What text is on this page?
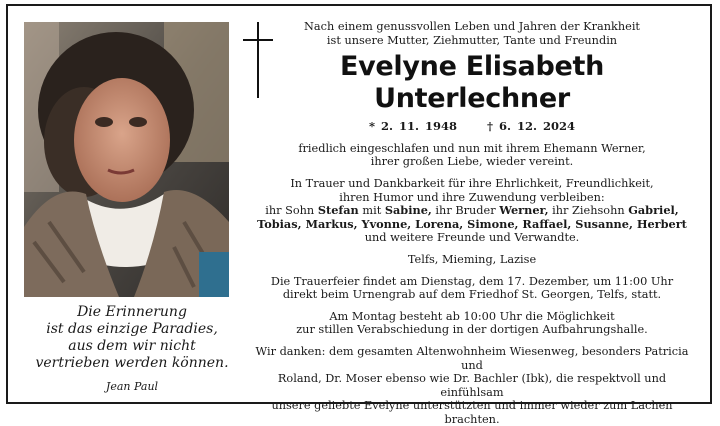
Die Erinnerung
ist das einzige Paradies,
aus dem wir nicht
vertrieben werden können.
Jean Paul

Nach einem genussvollen Leben und Jahren der Krankheit

ist unsere Mutter, Ziehmutter, Tante und Freundin

Evelyne Elisabeth

Unterlechner

* 2. 11. 1948	† 6. 12. 2024

friedlich eingeschlafen und nun mit ihrem Ehemann Werner,

ihrer großen Liebe, wieder vereint.

In Trauer und Dankbarkeit für ihre Ehrlichkeit, Freundlichkeit,

ihren Humor und ihre Zuwendung verbleiben:

ihr Sohn Stefan mit Sabine, ihr Bruder Werner, ihr Ziehsohn Gabriel,

Tobias, Markus, Yvonne, Lorena, Simone, Raffael, Susanne, Herbert

und weitere Freunde und Verwandte.

Telfs, Mieming, Lazise

Die Trauerfeier findet am Dienstag, dem 17. Dezember, um 11:00 Uhr

direkt beim Urnengrab auf dem Friedhof St. Georgen, Telfs, statt.

Am Montag besteht ab 10:00 Uhr die Möglichkeit

zur stillen Verabschiedung in der dortigen Aufbahrungshalle.

Wir danken: dem gesamten Altenwohnheim Wiesenweg, besonders Patricia und

Roland, Dr. Moser ebenso wie Dr. Bachler (Ibk), die respektvoll und einfühlsam

unsere geliebte Evelyne unterstützten und immer wieder zum Lachen brachten.
